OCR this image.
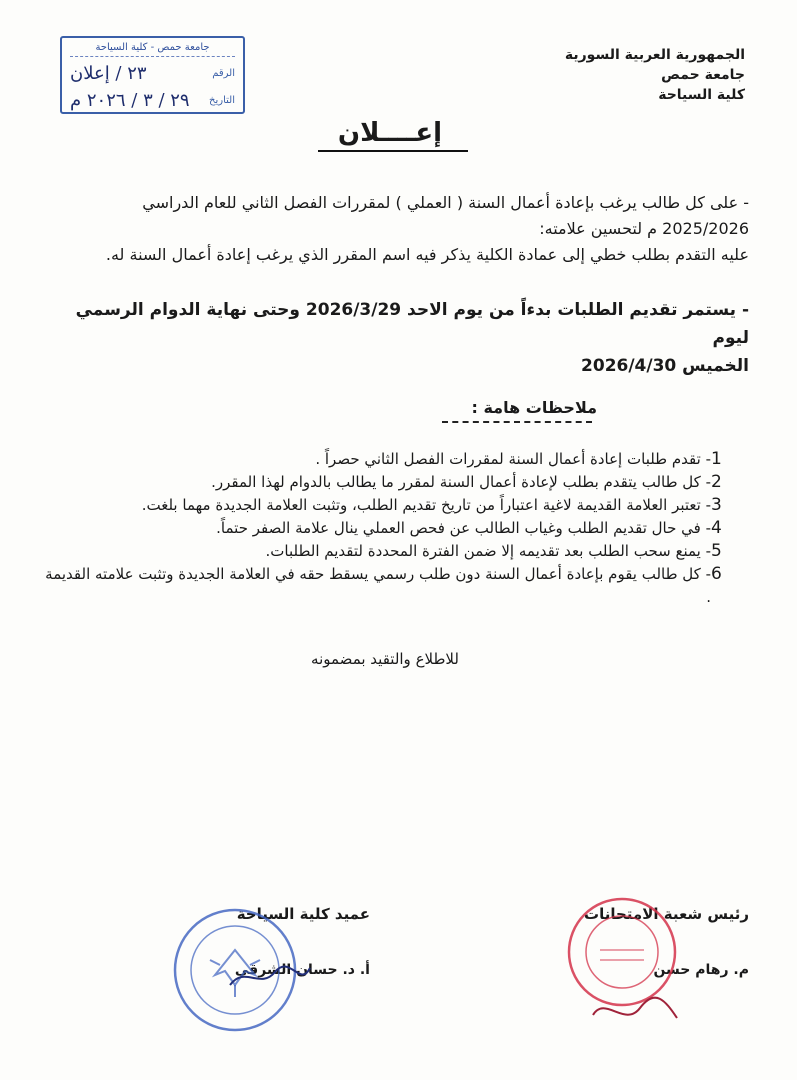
الجمهورية العربية السورية
جامعة حمص
كلية السياحة
جامعة حمص - كلية السياحة
الرقم
٢٣ / إعلان
التاريخ
٢٩ / ٣ / ٢٠٢٦ م
إعــــلان
- على كل طالب يرغب بإعادة أعمال السنة ( العملي ) لمقررات الفصل الثاني للعام الدراسي
2025/2026 م لتحسين علامته:
عليه التقدم بطلب خطي إلى عمادة الكلية يذكر فيه اسم المقرر الذي يرغب إعادة أعمال السنة له.
- يستمر تقديم الطلبات بدءاً من يوم الاحد 2026/3/29 وحتى نهاية الدوام الرسمي ليوم
الخميس 2026/4/30
ملاحظات هامة :
1
- تقدم طلبات إعادة أعمال السنة لمقررات الفصل الثاني حصراً .
2
- كل طالب يتقدم بطلب لإعادة أعمال السنة لمقرر ما يطالب بالدوام لهذا المقرر.
3
- تعتبر العلامة القديمة لاغية اعتباراً من تاريخ تقديم الطلب، وتثبت العلامة الجديدة مهما بلغت.
4
- في حال تقديم الطلب وغياب الطالب عن فحص العملي ينال علامة الصفر حتماً.
5
- يمنع سحب الطلب بعد تقديمه إلا ضمن الفترة المحددة لتقديم الطلبات.
6
- كل طالب يقوم بإعادة أعمال السنة دون طلب رسمي يسقط حقه في العلامة الجديدة وتثبت علامته القديمة .
للاطلاع والتقيد بمضمونه
رئيس شعبة الامتحانات
م. رهام حسن
عميد كلية السياحة
أ. د. حسان الشرقي
